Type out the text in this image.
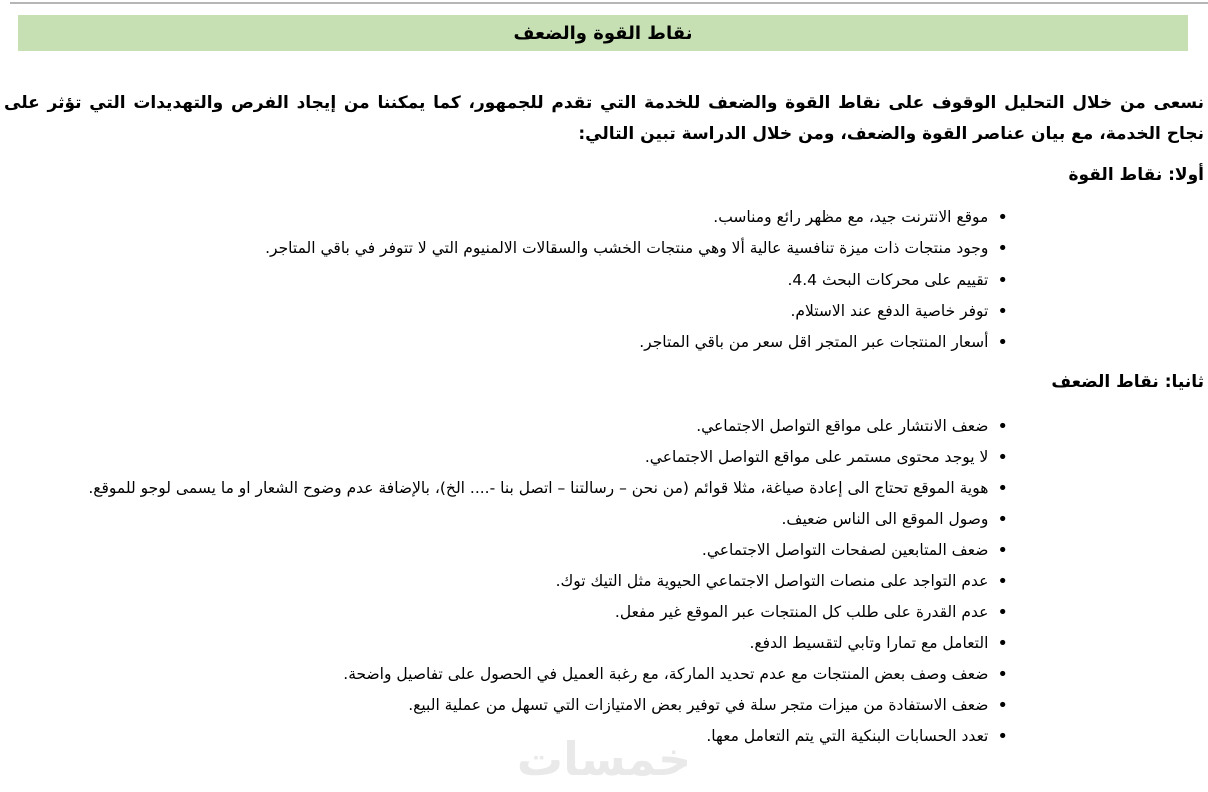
نقاط القوة والضعف

نسعى من خلال التحليل الوقوف على نقاط القوة والضعف للخدمة التي تقدم للجمهور، كما يمكننا من إيجاد الفرص والتهديدات التي تؤثر على نجاح الخدمة، مع بيان عناصر القوة والضعف، ومن خلال الدراسة تبين التالي:

أولا: نقاط القوة
• موقع الانترنت جيد، مع مظهر رائع ومناسب.
• وجود منتجات ذات ميزة تنافسية عالية ألا وهي منتجات الخشب والسقالات الالمنيوم التي لا تتوفر في باقي المتاجر.
• تقييم على محركات البحث 4.4.
• توفر خاصية الدفع عند الاستلام.
• أسعار المنتجات عبر المتجر اقل سعر من باقي المتاجر.
ثانيا: نقاط الضعف
• ضعف الانتشار على مواقع التواصل الاجتماعي.
• لا يوجد محتوى مستمر على مواقع التواصل الاجتماعي.
• هوية الموقع تحتاج الى إعادة صياغة، مثلا قوائم (من نحن – رسالتنا – اتصل بنا -.... الخ)، بالإضافة عدم وضوح الشعار او ما يسمى لوجو للموقع.
• وصول الموقع الى الناس ضعيف.
• ضعف المتابعين لصفحات التواصل الاجتماعي.
• عدم التواجد على منصات التواصل الاجتماعي الحيوية مثل التيك توك.
• عدم القدرة على طلب كل المنتجات عبر الموقع غير مفعل.
• التعامل مع تمارا وتابي لتقسيط الدفع.
• ضعف وصف بعض المنتجات مع عدم تحديد الماركة، مع رغبة العميل في الحصول على تفاصيل واضحة.
• ضعف الاستفادة من ميزات متجر سلة في توفير بعض الامتيازات التي تسهل من عملية البيع.
• تعدد الحسابات البنكية التي يتم التعامل معها.
خمسات
